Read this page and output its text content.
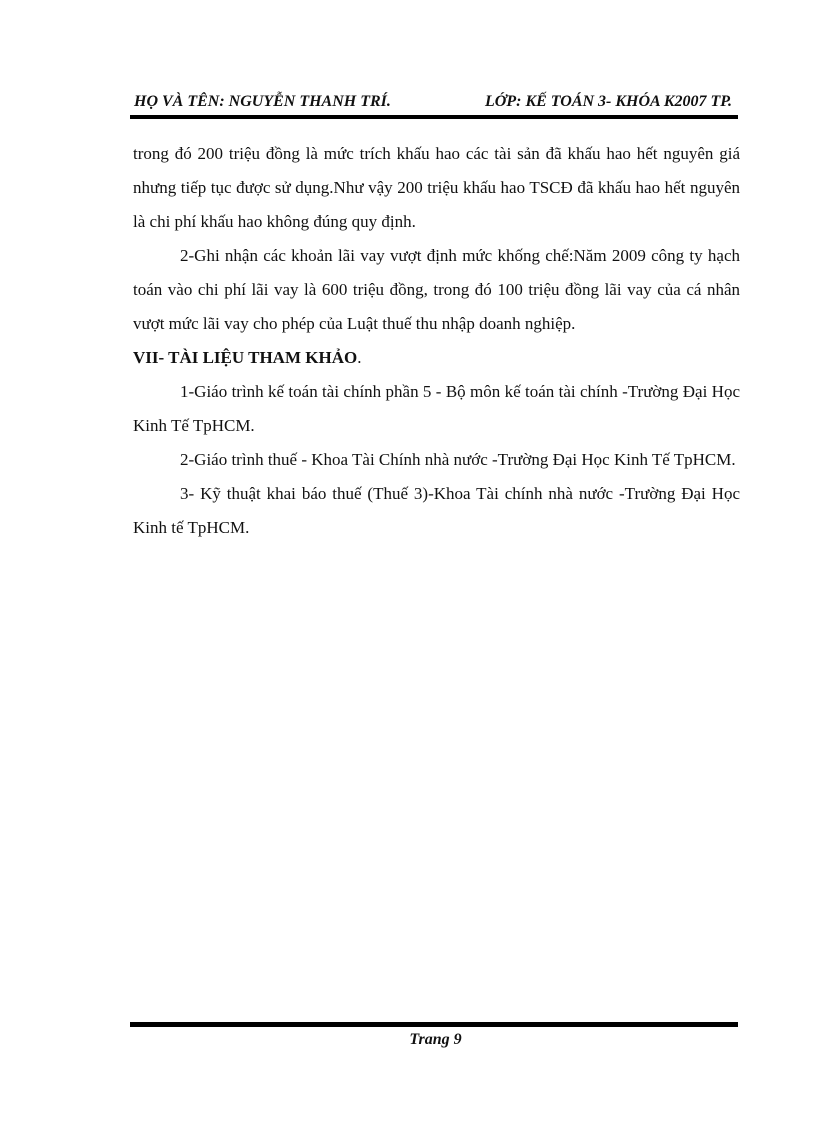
HỌ VÀ TÊN: NGUYỄN THANH TRÍ.	LỚP: KẾ TOÁN 3- KHÓA K2007 TP.

trong đó 200 triệu đồng là mức trích khấu hao các tài sản đã khấu hao hết nguyên giá nhưng tiếp tục được sử dụng.Như vậy 200 triệu khấu hao TSCĐ đã khấu hao hết nguyên là chi phí khấu hao không đúng quy định.

2-Ghi nhận các khoản lãi vay vượt định mức khống chế:Năm 2009 công ty hạch toán vào chi phí lãi vay là 600 triệu đồng, trong đó 100 triệu đồng lãi vay của cá nhân vượt mức lãi vay cho phép của Luật thuế thu nhập doanh nghiệp.

VII- TÀI LIỆU THAM KHẢO.

1-Giáo trình kế toán tài chính phần 5 - Bộ môn kế toán tài chính -Trường Đại Học Kinh Tế TpHCM.

2-Giáo trình thuế - Khoa Tài Chính nhà nước -Trường Đại Học Kinh Tế TpHCM.

3- Kỹ thuật khai báo thuế (Thuế 3)-Khoa Tài chính nhà nước -Trường Đại Học Kinh tế TpHCM.

Trang 9
